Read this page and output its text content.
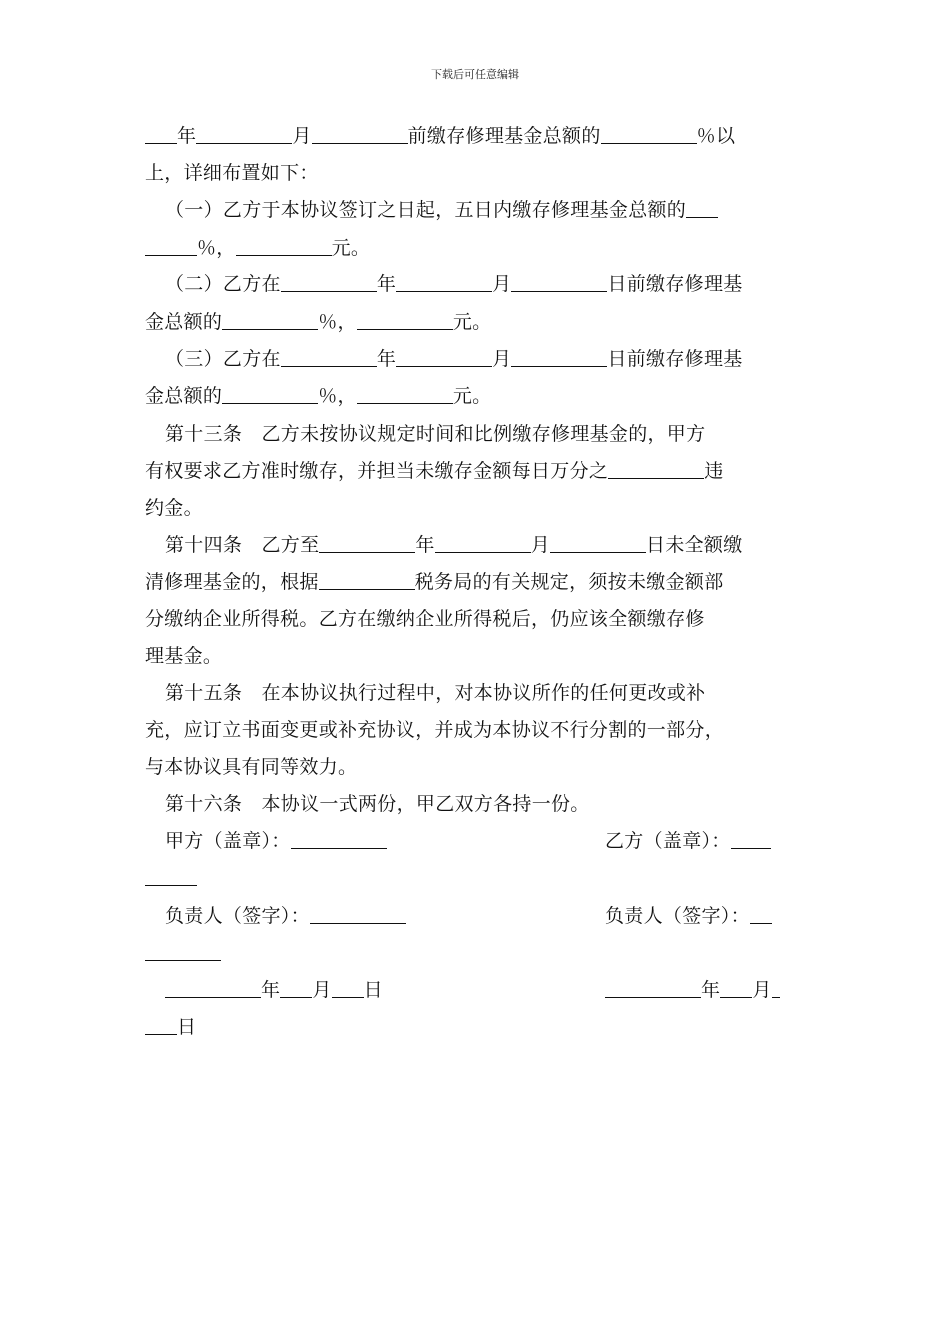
下载后可任意编辑
年	月	前缴存修理基金总额的	％以
上，详细布置如下：
（一）乙方于本协议签订之日起，五日内缴存修理基金总额的
％，	元。
（二）乙方在	年	月	日前缴存修理基
金总额的	％，	元。
（三）乙方在	年	月	日前缴存修理基
金总额的	％，	元。
第十三条　乙方未按协议规定时间和比例缴存修理基金的，甲方
有权要求乙方准时缴存，并担当未缴存金额每日万分之	违
约金。
第十四条　乙方至	年	月	日未全额缴
清修理基金的，根据	税务局的有关规定，须按未缴金额部
分缴纳企业所得税。乙方在缴纳企业所得税后，仍应该全额缴存修
理基金。
第十五条　在本协议执行过程中，对本协议所作的任何更改或补
充，应订立书面变更或补充协议，并成为本协议不行分割的一部分，
与本协议具有同等效力。
第十六条　本协议一式两份，甲乙双方各持一份。
甲方（盖章）：	乙方（盖章）：
负责人（签字）：	负责人（签字）：
年 月 日	年 月
日
